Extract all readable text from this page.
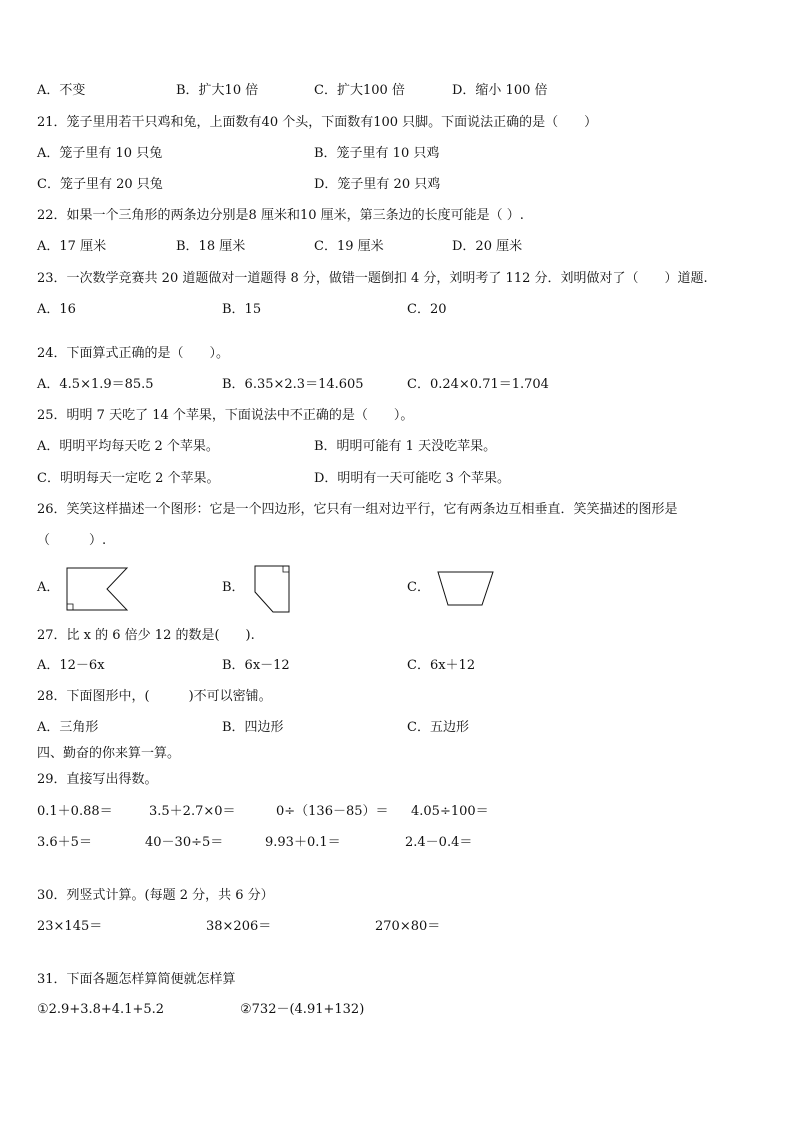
A．不变	B．扩大10 倍	C．扩大100 倍	D．缩小 100 倍
21．笼子里用若干只鸡和兔，上面数有40 个头，下面数有100 只脚。下面说法正确的是（　　）
A．笼子里有 10 只兔	B．笼子里有 10 只鸡
C．笼子里有 20 只兔	D．笼子里有 20 只鸡
22．如果一个三角形的两条边分别是8 厘米和10 厘米，第三条边的长度可能是（ ）.
A．17 厘米	B．18 厘米	C．19 厘米	D．20 厘米
23．一次数学竞赛共 20 道题做对一道题得 8 分，做错一题倒扣 4 分，刘明考了 112 分．刘明做对了（　　）道题.
A．16	B．15	C．20
24．下面算式正确的是（　　）。
A．4.5×1.9＝85.5	B．6.35×2.3＝14.605	C．0.24×0.71＝1.704
25．明明 7 天吃了 14 个苹果，下面说法中不正确的是（　　）。
A．明明平均每天吃 2 个苹果。	B．明明可能有 1 天没吃苹果。
C．明明每天一定吃 2 个苹果。	D．明明有一天可能吃 3 个苹果。
26．笑笑这样描述一个图形：它是一个四边形，它只有一组对边平行，它有两条边互相垂直．笑笑描述的图形是
（　　　）.
A．	B．	C．
27．比 x 的 6 倍少 12 的数是(　　).
A．12－6x	B．6x－12	C．6x＋12
28．下面图形中，(　　　)不可以密铺。
A．三角形	B．四边形	C．五边形
四、勤奋的你来算一算。
29．直接写出得数。
0.1＋0.88＝	3.5＋2.7×0＝	0÷（136－85）＝ 4.05÷100＝
3.6＋5＝	40－30÷5＝	9.93＋0.1＝	2.4－0.4＝
30．列竖式计算。(每题 2 分，共 6 分）
23×145＝	38×206＝	270×80＝
31．下面各题怎样算简便就怎样算
①2.9+3.8+4.1+5.2	②732－(4.91+132)
